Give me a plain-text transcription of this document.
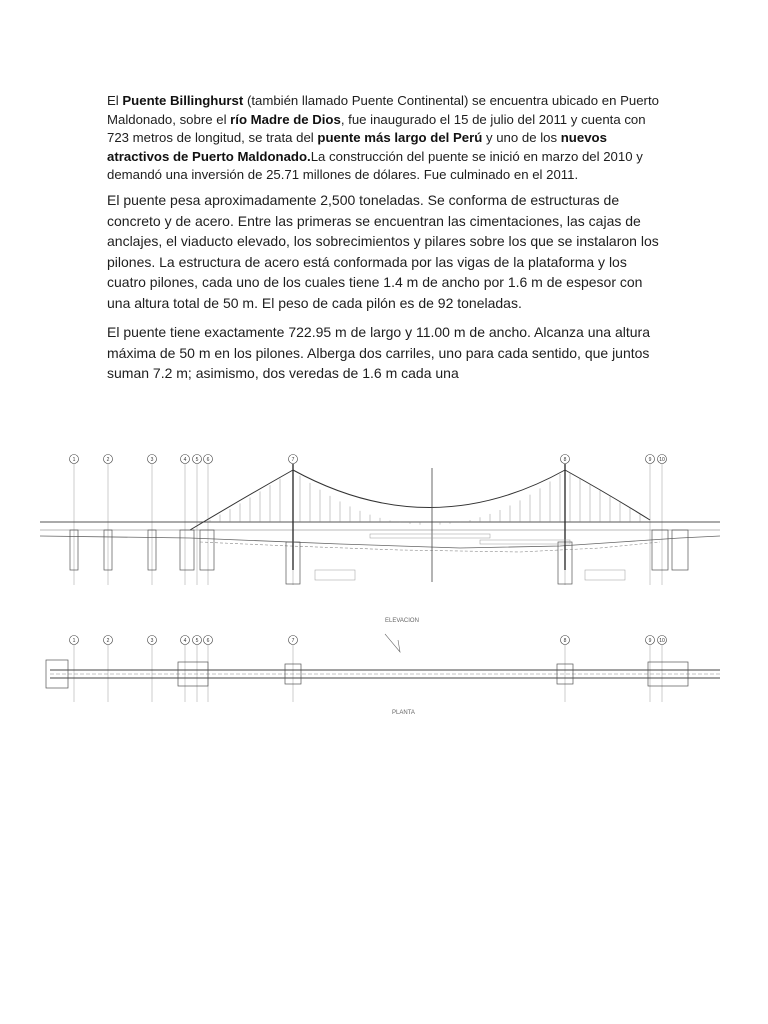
El Puente Billinghurst (también llamado Puente Continental) se encuentra ubicado en Puerto Maldonado, sobre el río Madre de Dios, fue inaugurado el 15 de julio del 2011 y cuenta con 723 metros de longitud, se trata del puente más largo del Perú y uno de los nuevos atractivos de Puerto Maldonado.La construcción del puente se inició en marzo del 2010 y demandó una inversión de 25.71 millones de dólares. Fue culminado en el 2011.

El puente pesa aproximadamente 2,500 toneladas. Se conforma de estructuras de concreto y de acero. Entre las primeras se encuentran las cimentaciones, las cajas de anclajes, el viaducto elevado, los sobrecimientos y pilares sobre los que se instalaron los pilones. La estructura de acero está conformada por las vigas de la plataforma y los cuatro pilones, cada uno de los cuales tiene 1.4 m de ancho por 1.6 m de espesor con una altura total de 50 m. El peso de cada pilón es de 92 toneladas.

El puente tiene exactamente 722.95 m de largo y 11.00 m de ancho. Alcanza una altura máxima de 50 m en los pilones. Alberga dos carriles, uno para cada sentido, que juntos suman 7.2 m; asimismo, dos veredas de 1.6 m cada una

1	2	3	4 5 6	7	8	9 10
ELEVACION
1	2	3	4 5 6	7	8	9 10
PLANTA
